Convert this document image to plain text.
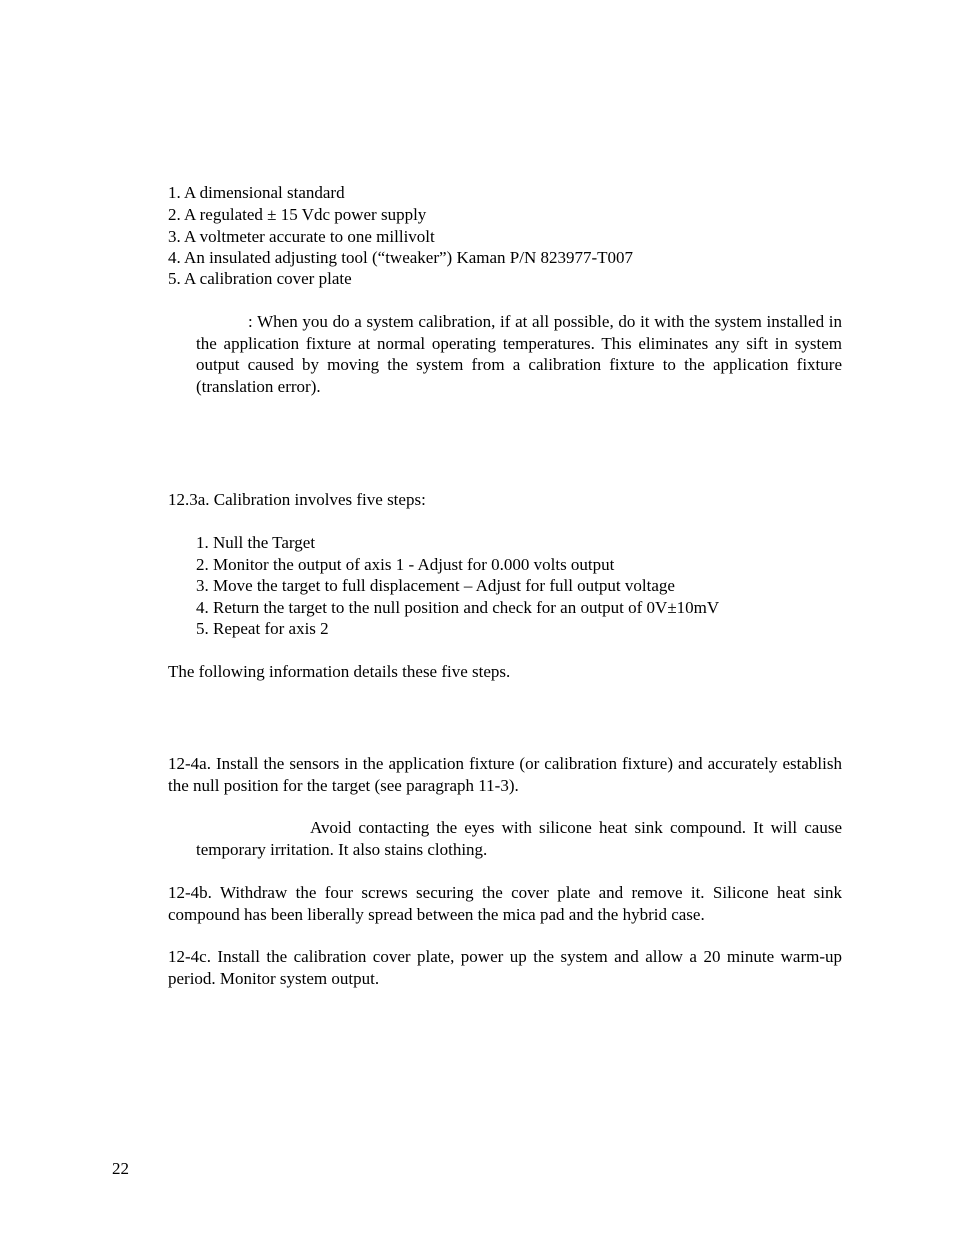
1. A dimensional standard
2. A regulated ± 15 Vdc power supply
3. A voltmeter accurate to one millivolt
4. An insulated adjusting tool (“tweaker”) Kaman P/N 823977-T007
5. A calibration cover plate
: When you do a system calibration, if at all possible, do it with the system installed in the application fixture at normal operating temperatures. This eliminates any sift in system output caused by moving the system from a calibration fixture to the application fixture (translation error).
12.3a. Calibration involves five steps:
1. Null the Target
2. Monitor the output of axis 1 - Adjust for 0.000 volts output
3. Move the target to full displacement – Adjust for full output voltage
4. Return the target to the null position and check for an output of 0V±10mV
5. Repeat for axis 2
The following information details these five steps.
12-4a. Install the sensors in the application fixture (or calibration fixture) and accurately establish the null position for the target (see paragraph 11-3).
Avoid contacting the eyes with silicone heat sink compound. It will cause temporary irritation. It also stains clothing.
12-4b. Withdraw the four screws securing the cover plate and remove it. Silicone heat sink compound has been liberally spread between the mica pad and the hybrid case.
12-4c. Install the calibration cover plate, power up the system and allow a 20 minute warm-up period. Monitor system output.
22
